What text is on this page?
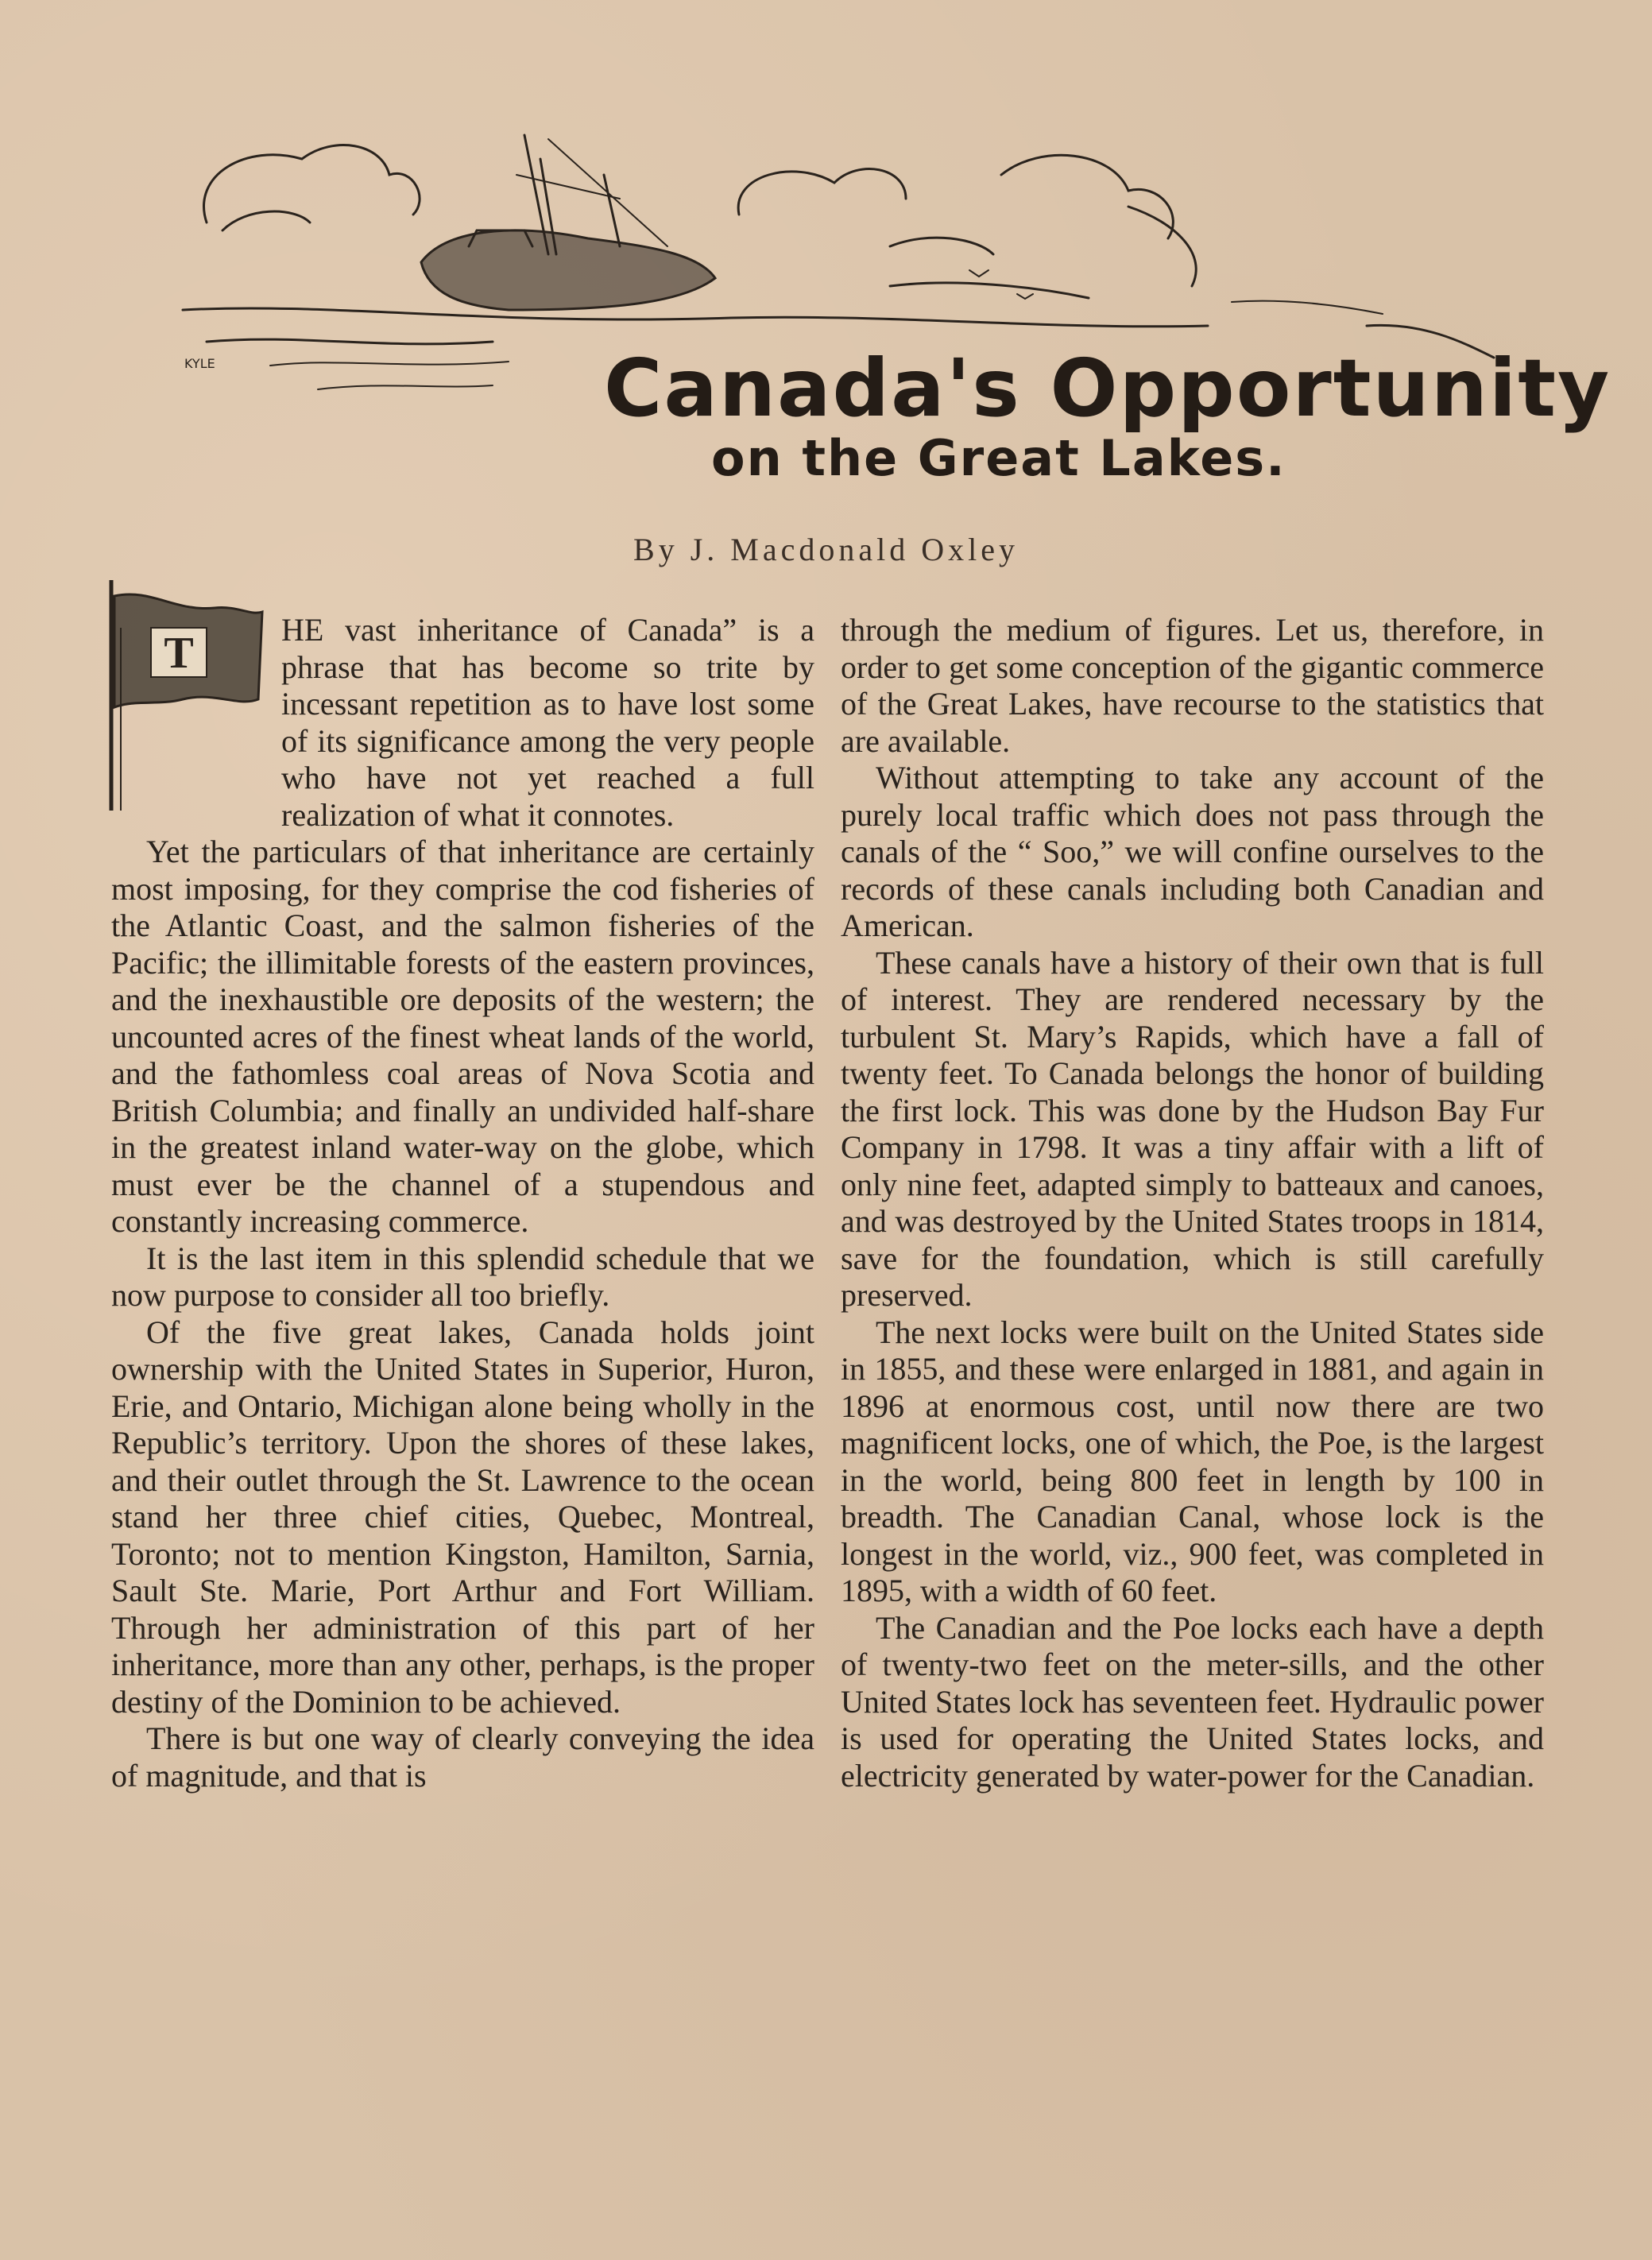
Canada's Opportunity
on the Great Lakes.
By J. Macdonald Oxley
T	HE vast inheritance of Canada” is a phrase that has become so trite by incessant repetition as to have lost some of its significance among the very people who have not yet reached a full realization of what it connotes.

Yet the particulars of that inheritance are certainly most imposing, for they comprise the cod fisheries of the Atlantic Coast, and the salmon fisheries of the Pacific; the illimitable forests of the eastern provinces, and the inexhaustible ore deposits of the western; the uncounted acres of the finest wheat lands of the world, and the fathomless coal areas of Nova Scotia and British Columbia; and finally an undivided half-share in the greatest inland water-way on the globe, which must ever be the channel of a stupendous and constantly increasing commerce.

It is the last item in this splendid schedule that we now purpose to consider all too briefly.

Of the five great lakes, Canada holds joint ownership with the United States in Superior, Huron, Erie, and Ontario, Michigan alone being wholly in the Republic’s territory. Upon the shores of these lakes, and their outlet through the St. Lawrence to the ocean stand her three chief cities, Quebec, Montreal, Toronto; not to mention Kingston, Hamilton, Sarnia, Sault Ste. Marie, Port Arthur and Fort William. Through her administration of this part of her inheritance, more than any other, perhaps, is the proper destiny of the Dominion to be achieved.

There is but one way of clearly conveying the idea of magnitude, and that is

through the medium of figures. Let us, therefore, in order to get some conception of the gigantic commerce of the Great Lakes, have recourse to the statistics that are available.

Without attempting to take any account of the purely local traffic which does not pass through the canals of the “ Soo,” we will confine ourselves to the records of these canals including both Canadian and American.

These canals have a history of their own that is full of interest. They are rendered necessary by the turbulent St. Mary’s Rapids, which have a fall of twenty feet. To Canada belongs the honor of building the first lock. This was done by the Hudson Bay Fur Company in 1798. It was a tiny affair with a lift of only nine feet, adapted simply to batteaux and canoes, and was destroyed by the United States troops in 1814, save for the foundation, which is still carefully preserved.

The next locks were built on the United States side in 1855, and these were enlarged in 1881, and again in 1896 at enormous cost, until now there are two magnificent locks, one of which, the Poe, is the largest in the world, being 800 feet in length by 100 in breadth. The Canadian Canal, whose lock is the longest in the world, viz., 900 feet, was completed in 1895, with a width of 60 feet.

The Canadian and the Poe locks each have a depth of twenty-two feet on the meter-sills, and the other United States lock has seventeen feet. Hydraulic power is used for operating the United States locks, and electricity generated by water-power for the Canadian.

KYLE
